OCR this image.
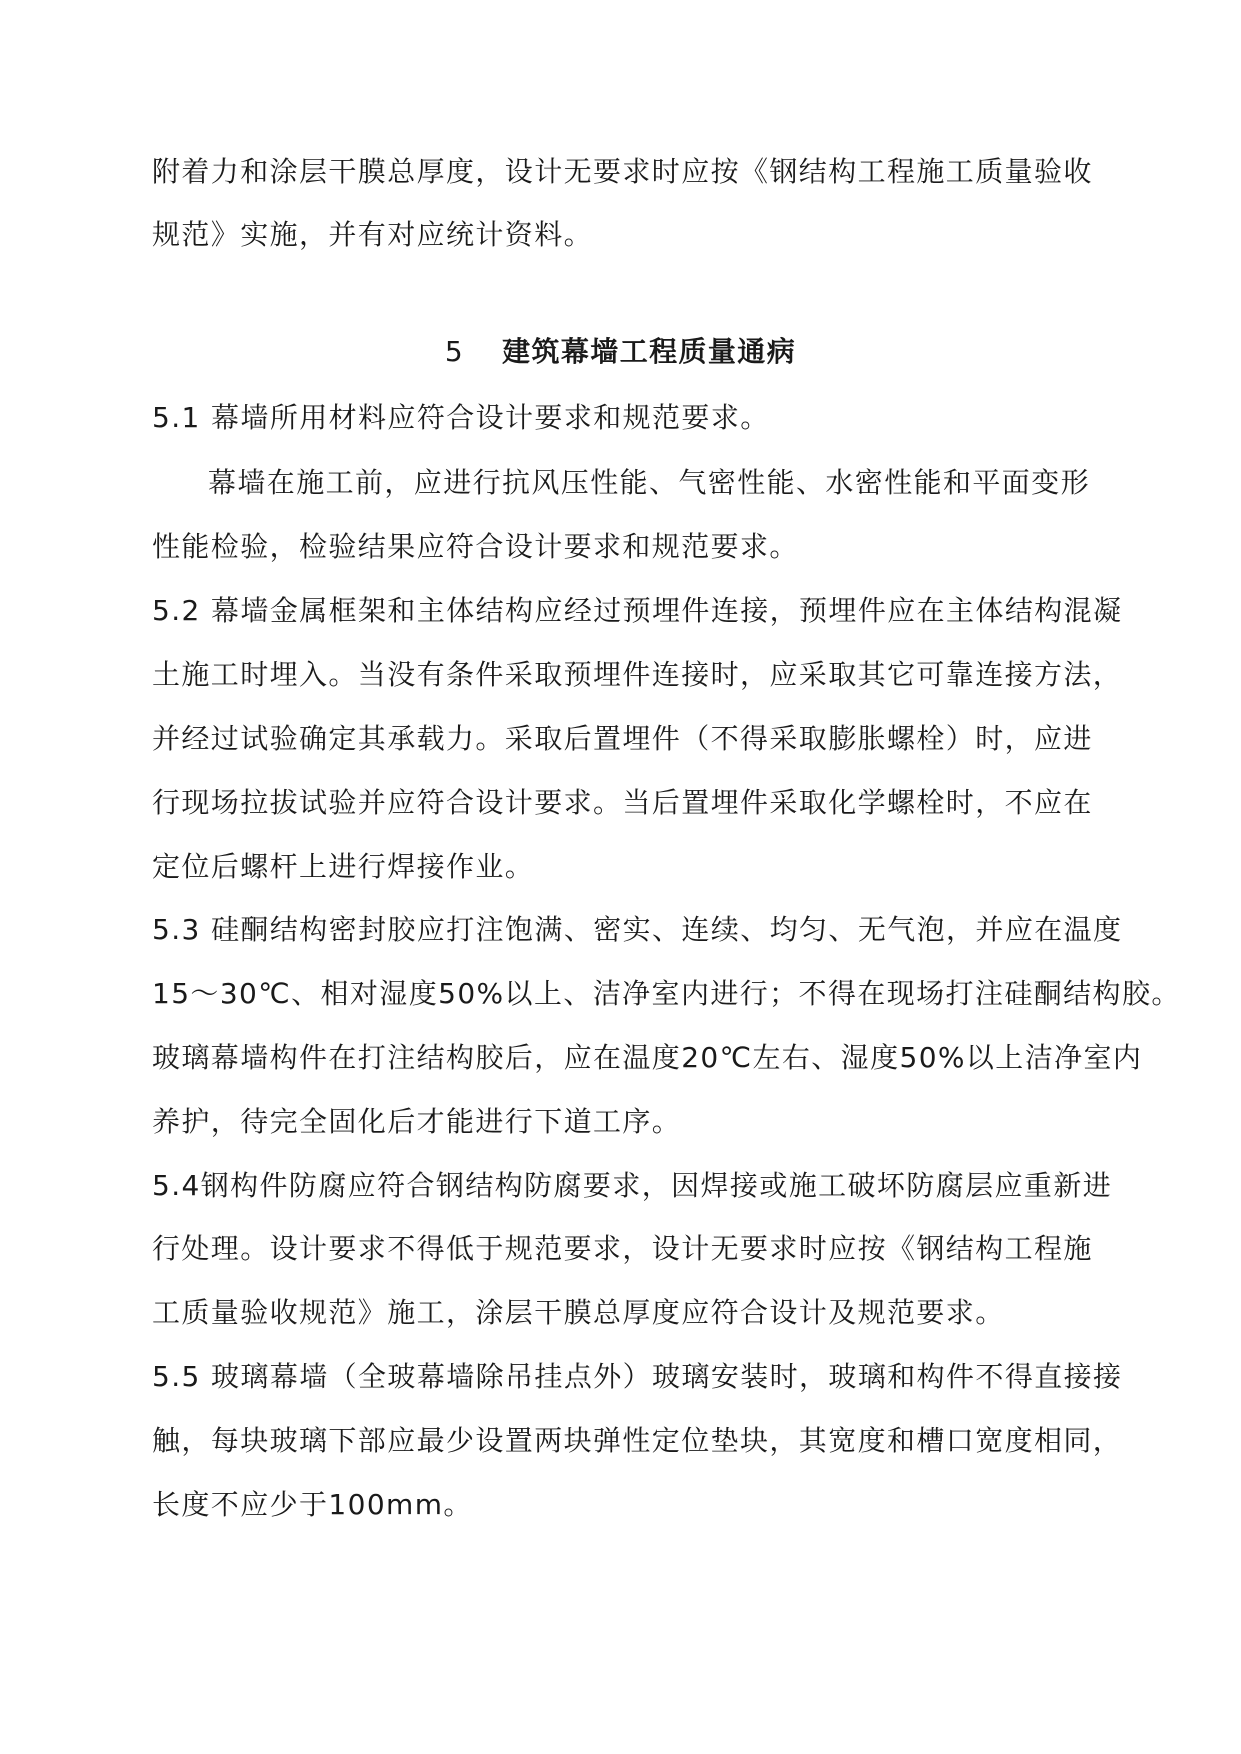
附着力和涂层干膜总厚度，设计无要求时应按《钢结构工程施工质量验收
规范》实施，并有对应统计资料。
5 建筑幕墙工程质量通病
5.1 幕墙所用材料应符合设计要求和规范要求。
幕墙在施工前，应进行抗风压性能、气密性能、水密性能和平面变形
性能检验，检验结果应符合设计要求和规范要求。
5.2 幕墙金属框架和主体结构应经过预埋件连接，预埋件应在主体结构混凝
土施工时埋入。当没有条件采取预埋件连接时，应采取其它可靠连接方法，
并经过试验确定其承载力。采取后置埋件（不得采取膨胀螺栓）时，应进
行现场拉拔试验并应符合设计要求。当后置埋件采取化学螺栓时，不应在
定位后螺杆上进行焊接作业。
5.3 硅酮结构密封胶应打注饱满、密实、连续、均匀、无气泡，并应在温度
15～30℃、相对湿度50%以上、洁净室内进行；不得在现场打注硅酮结构胶。
玻璃幕墙构件在打注结构胶后，应在温度20℃左右、湿度50%以上洁净室内
养护，待完全固化后才能进行下道工序。
5.4钢构件防腐应符合钢结构防腐要求，因焊接或施工破坏防腐层应重新进
行处理。设计要求不得低于规范要求，设计无要求时应按《钢结构工程施
工质量验收规范》施工，涂层干膜总厚度应符合设计及规范要求。
5.5 玻璃幕墙（全玻幕墙除吊挂点外）玻璃安装时，玻璃和构件不得直接接
触，每块玻璃下部应最少设置两块弹性定位垫块，其宽度和槽口宽度相同，
长度不应少于100mm。
